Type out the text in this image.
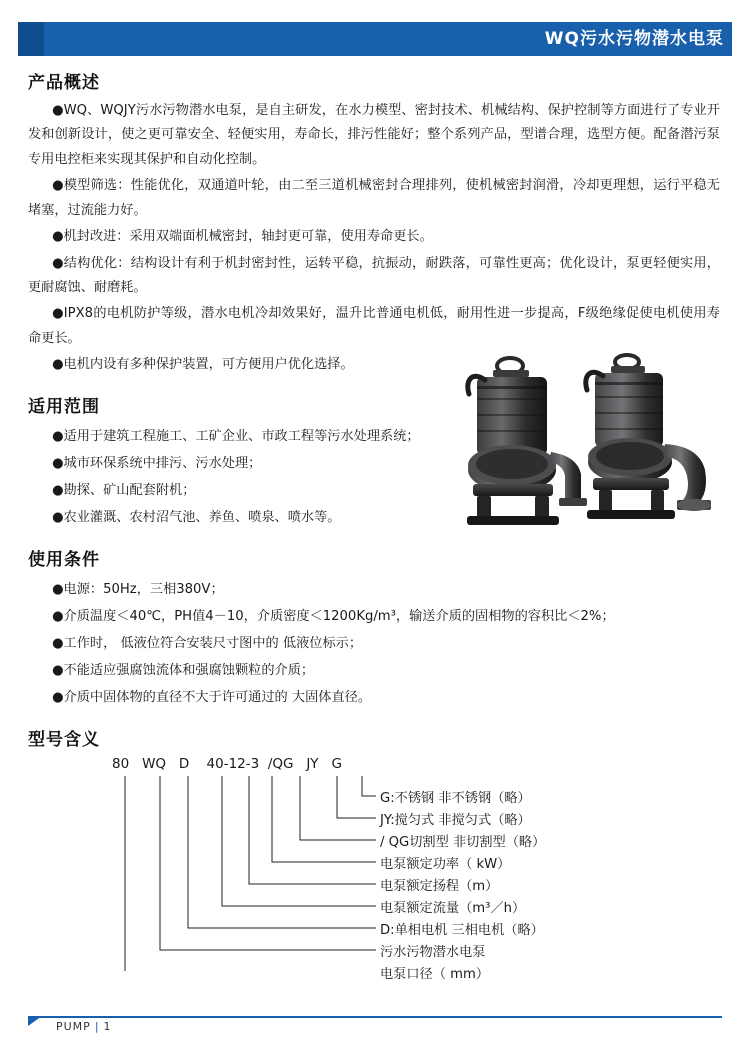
WQ污水污物潜水电泵
产品概述

●WQ、WQJY污水污物潜水电泵，是自主研发，在水力模型、密封技术、机械结构、保护控制等方面进行了专业开发和创新设计，使之更可靠安全、轻便实用，寿命长，排污性能好；整个系列产品，型谱合理，选型方便。配备潜污泵专用电控柜来实现其保护和自动化控制。

●模型筛选：性能优化，双通道叶轮，由二至三道机械密封合理排列，使机械密封润滑，冷却更理想，运行平稳无堵塞，过流能力好。

●机封改进：采用双端面机械密封，轴封更可靠，使用寿命更长。

●结构优化：结构设计有利于机封密封性，运转平稳，抗振动，耐跌落，可靠性更高；优化设计，泵更轻便实用，更耐腐蚀、耐磨耗。

●IPX8的电机防护等级，潜水电机冷却效果好，温升比普通电机低，耐用性进一步提高，F级绝缘促使电机使用寿命更长。

●电机内设有多种保护装置，可方便用户优化选择。

适用范围
●适用于建筑工程施工、工矿企业、市政工程等污水处理系统；
●城市环保系统中排污、污水处理；
●勘探、矿山配套附机；
●农业灌溉、农村沼气池、养鱼、喷泉、喷水等。
使用条件
●电源：50Hz，三相380V；
●介质温度＜40℃，PH值4－10，介质密度＜1200Kg/m³，输送介质的固相物的容积比＜2%；
●工作时， 低液位符合安装尺寸图中的 低液位标示；
●不能适应强腐蚀流体和强腐蚀颗粒的介质；
●介质中固体物的直径不大于许可通过的 大固体直径。
型号含义
80 WQ D 40-12-3 /QG JY G
G:不锈钢 非不锈钢（略）
JY:搅匀式 非搅匀式（略）
/ QG切割型 非切割型（略）
电泵额定功率（ kW）
电泵额定扬程（m）
电泵额定流量（m³／h）
D:单相电机 三相电机（略）
污水污物潜水电泵
电泵口径（ mm）
PUMP | 1
